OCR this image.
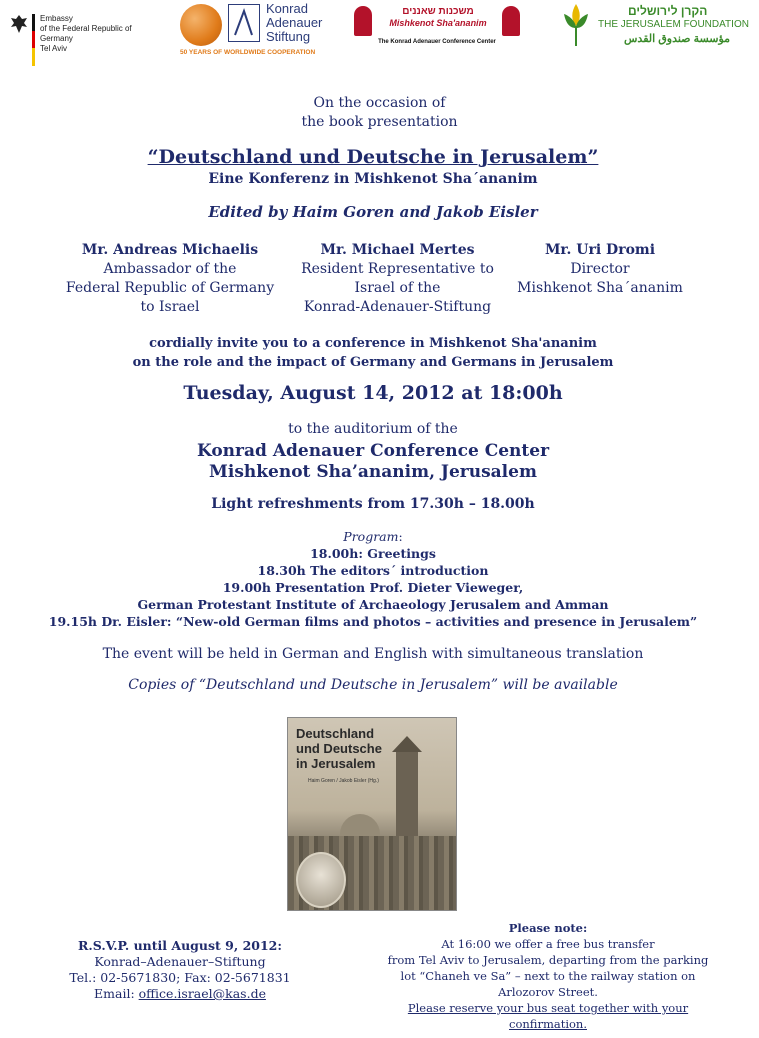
Embassy
of the Federal Republic of Germany
Tel Aviv
Konrad
Adenauer
Stiftung
50 YEARS OF WORLDWIDE COOPERATION
משכנות שאננים
Mishkenot Sha'ananim
The Konrad Adenauer Conference Center
הקרן לירושלים
THE JERUSALEM FOUNDATION
مؤسسة صندوق القدس
On the occasion of
the book presentation
“Deutschland und Deutsche in Jerusalem”
Eine Konferenz in Mishkenot Sha´ananim
Edited by Haim Goren and Jakob Eisler
Mr. Andreas Michaelis
Ambassador of the
Federal Republic of Germany
to Israel
Mr. Michael Mertes
Resident Representative to
Israel of the
Konrad-Adenauer-Stiftung
Mr. Uri Dromi
Director
Mishkenot Sha´ananim
cordially invite you to a conference in Mishkenot Sha'ananim
on the role and the impact of Germany and Germans in Jerusalem
Tuesday, August 14, 2012 at 18:00h
to the auditorium of the
Konrad Adenauer Conference Center
Mishkenot Sha’ananim, Jerusalem
Light refreshments from 17.30h – 18.00h
Program:
18.00h: Greetings
18.30h The editors´ introduction
19.00h Presentation Prof. Dieter Vieweger,
German Protestant Institute of Archaeology Jerusalem and Amman
19.15h Dr. Eisler: “New-old German films and photos – activities and presence in Jerusalem”
The event will be held in German and English with simultaneous translation
Copies of “Deutschland und Deutsche in Jerusalem” will be available
Deutschland
und Deutsche
in Jerusalem
Haim Goren / Jakob Eisler (Hg.)
R.S.V.P. until August 9, 2012:
Konrad–Adenauer–Stiftung
Tel.: 02-5671830; Fax: 02-5671831
Email: office.israel@kas.de
Please note:
At 16:00 we offer a free bus transfer
from Tel Aviv to Jerusalem, departing from the parking
lot “Chaneh ve Sa” – next to the railway station on
Arlozorov Street.
Please reserve your bus seat together with your
confirmation.
